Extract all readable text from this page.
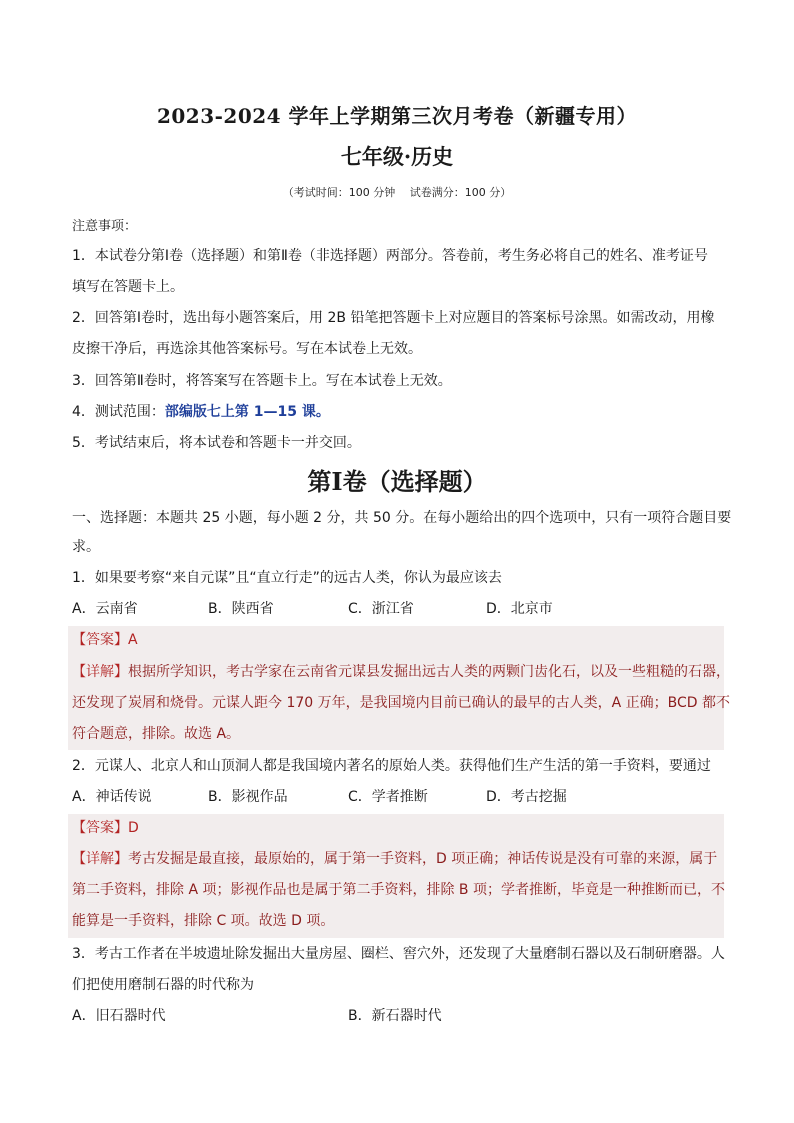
2023-2024 学年上学期第三次月考卷（新疆专用）
七年级·历史
（考试时间：100 分钟　 试卷满分：100 分）
注意事项：
1．本试卷分第Ⅰ卷（选择题）和第Ⅱ卷（非选择题）两部分。答卷前，考生务必将自己的姓名、准考证号
填写在答题卡上。
2．回答第Ⅰ卷时，选出每小题答案后，用 2B 铅笔把答题卡上对应题目的答案标号涂黑。如需改动，用橡
皮擦干净后，再选涂其他答案标号。写在本试卷上无效。
3．回答第Ⅱ卷时，将答案写在答题卡上。写在本试卷上无效。
4．测试范围：部编版七上第 1—15 课。
5．考试结束后，将本试卷和答题卡一并交回。
第Ⅰ卷（选择题）
一、选择题：本题共 25 小题，每小题 2 分，共 50 分。在每小题给出的四个选项中，只有一项符合题目要
求。
1．如果要考察“来自元谋”且“直立行走”的远古人类，你认为最应该去
A．云南省	B．陕西省	C．浙江省	D．北京市
【答案】A
【详解】根据所学知识，考古学家在云南省元谋县发掘出远古人类的两颗门齿化石，以及一些粗糙的石器，
还发现了炭屑和烧骨。元谋人距今 170 万年，是我国境内目前已确认的最早的古人类，A 正确；BCD 都不
符合题意，排除。故选 A。
2．元谋人、北京人和山顶洞人都是我国境内著名的原始人类。获得他们生产生活的第一手资料，要通过
A．神话传说	B．影视作品	C．学者推断	D．考古挖掘
【答案】D
【详解】考古发掘是最直接，最原始的，属于第一手资料，D 项正确；神话传说是没有可靠的来源，属于
第二手资料，排除 A 项；影视作品也是属于第二手资料，排除 B 项；学者推断，毕竟是一种推断而已，不
能算是一手资料，排除 C 项。故选 D 项。
3．考古工作者在半坡遗址除发掘出大量房屋、圈栏、窖穴外，还发现了大量磨制石器以及石制研磨器。人
们把使用磨制石器的时代称为
A．旧石器时代	B．新石器时代
